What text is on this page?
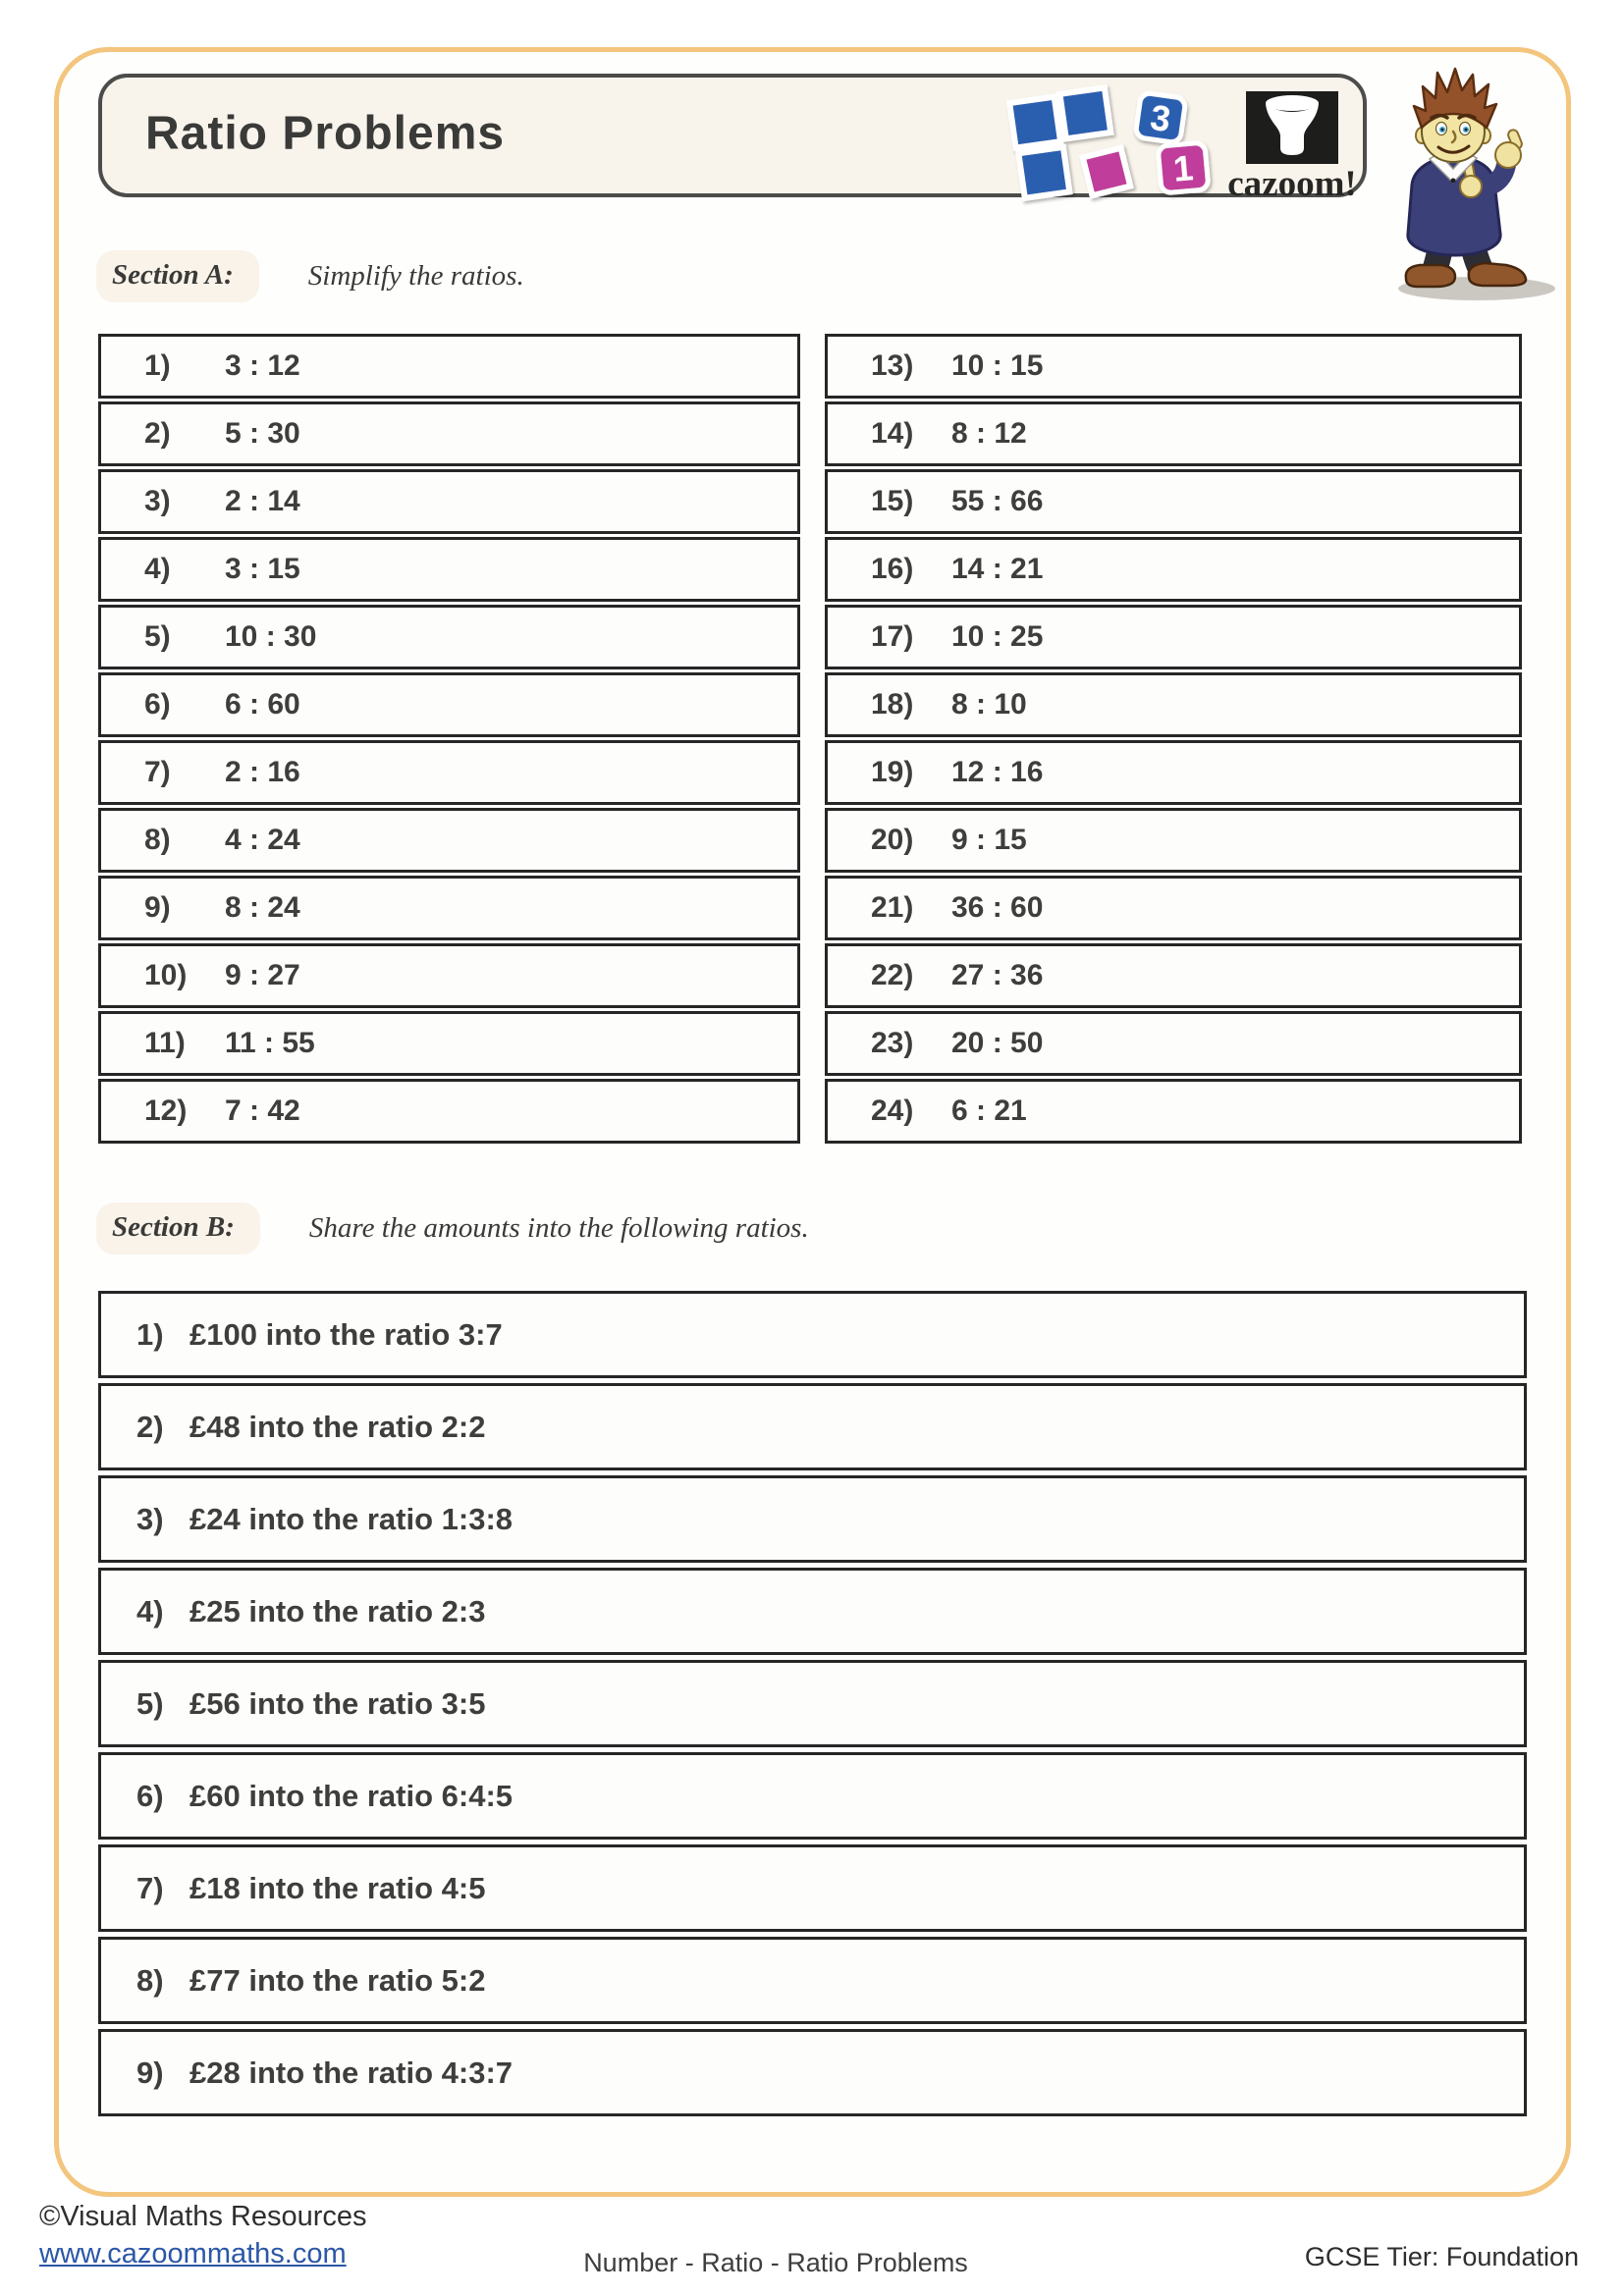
Ratio Problems	3
1 cazoom!
Section A:	Simplify the ratios.
1)	3 : 12
2)	5 : 30
3)	2 : 14
4)	3 : 15
5)	10 : 30
6)	6 : 60
7)	2 : 16
8)	4 : 24
9)	8 : 24
10)	9 : 27
11)	11 : 55
12)	7 : 42
13)	10 : 15
14)	8 : 12
15)	55 : 66
16)	14 : 21
17)	10 : 25
18)	8 : 10
19)	12 : 16
20)	9 : 15
21)	36 : 60
22)	27 : 36
23)	20 : 50
24)	6 : 21
Section B:	Share the amounts into the following ratios.
1) £100 into the ratio 3:7
2) £48 into the ratio 2:2
3) £24 into the ratio 1:3:8
4) £25 into the ratio 2:3
5) £56 into the ratio 3:5
6) £60 into the ratio 6:4:5
7) £18 into the ratio 4:5
8) £77 into the ratio 5:2
9) £28 into the ratio 4:3:7
©Visual Maths Resources
www.cazoommaths.com	Number - Ratio - Ratio Problems	GCSE Tier: Foundation
